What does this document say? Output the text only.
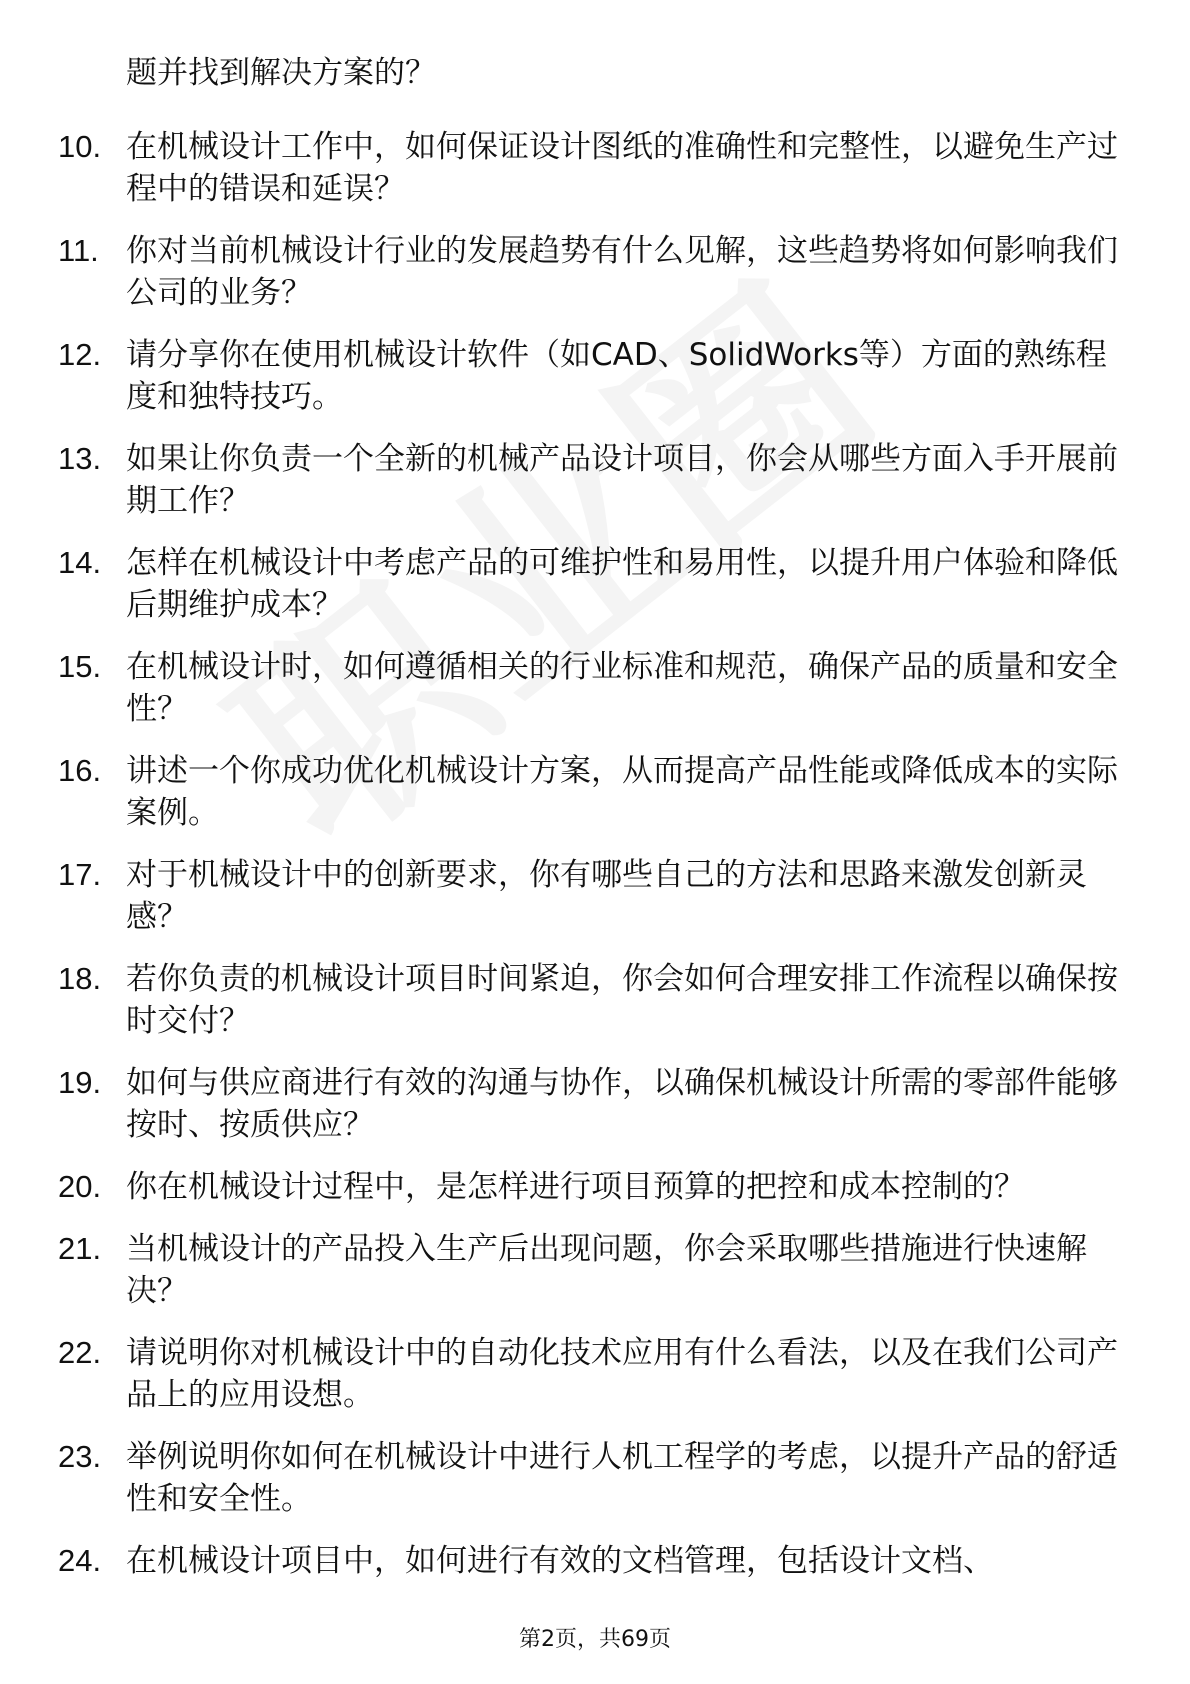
题并找到解决方案的？
10. 在机械设计工作中，如何保证设计图纸的准确性和完整性，以避免生产过程中的错误和延误？
11. 你对当前机械设计行业的发展趋势有什么见解，这些趋势将如何影响我们公司的业务？
12. 请分享你在使用机械设计软件（如CAD、SolidWorks等）方面的熟练程度和独特技巧。
13. 如果让你负责一个全新的机械产品设计项目，你会从哪些方面入手开展前期工作？
14. 怎样在机械设计中考虑产品的可维护性和易用性，以提升用户体验和降低后期维护成本？
15. 在机械设计时，如何遵循相关的行业标准和规范，确保产品的质量和安全性？
16. 讲述一个你成功优化机械设计方案，从而提高产品性能或降低成本的实际案例。
17. 对于机械设计中的创新要求，你有哪些自己的方法和思路来激发创新灵感？
18. 若你负责的机械设计项目时间紧迫，你会如何合理安排工作流程以确保按时交付？
19. 如何与供应商进行有效的沟通与协作，以确保机械设计所需的零部件能够按时、按质供应？
20. 你在机械设计过程中，是怎样进行项目预算的把控和成本控制的？
21. 当机械设计的产品投入生产后出现问题，你会采取哪些措施进行快速解决？
22. 请说明你对机械设计中的自动化技术应用有什么看法，以及在我们公司产品上的应用设想。
23. 举例说明你如何在机械设计中进行人机工程学的考虑，以提升产品的舒适性和安全性。
24. 在机械设计项目中，如何进行有效的文档管理，包括设计文档、
第2页，共69页
